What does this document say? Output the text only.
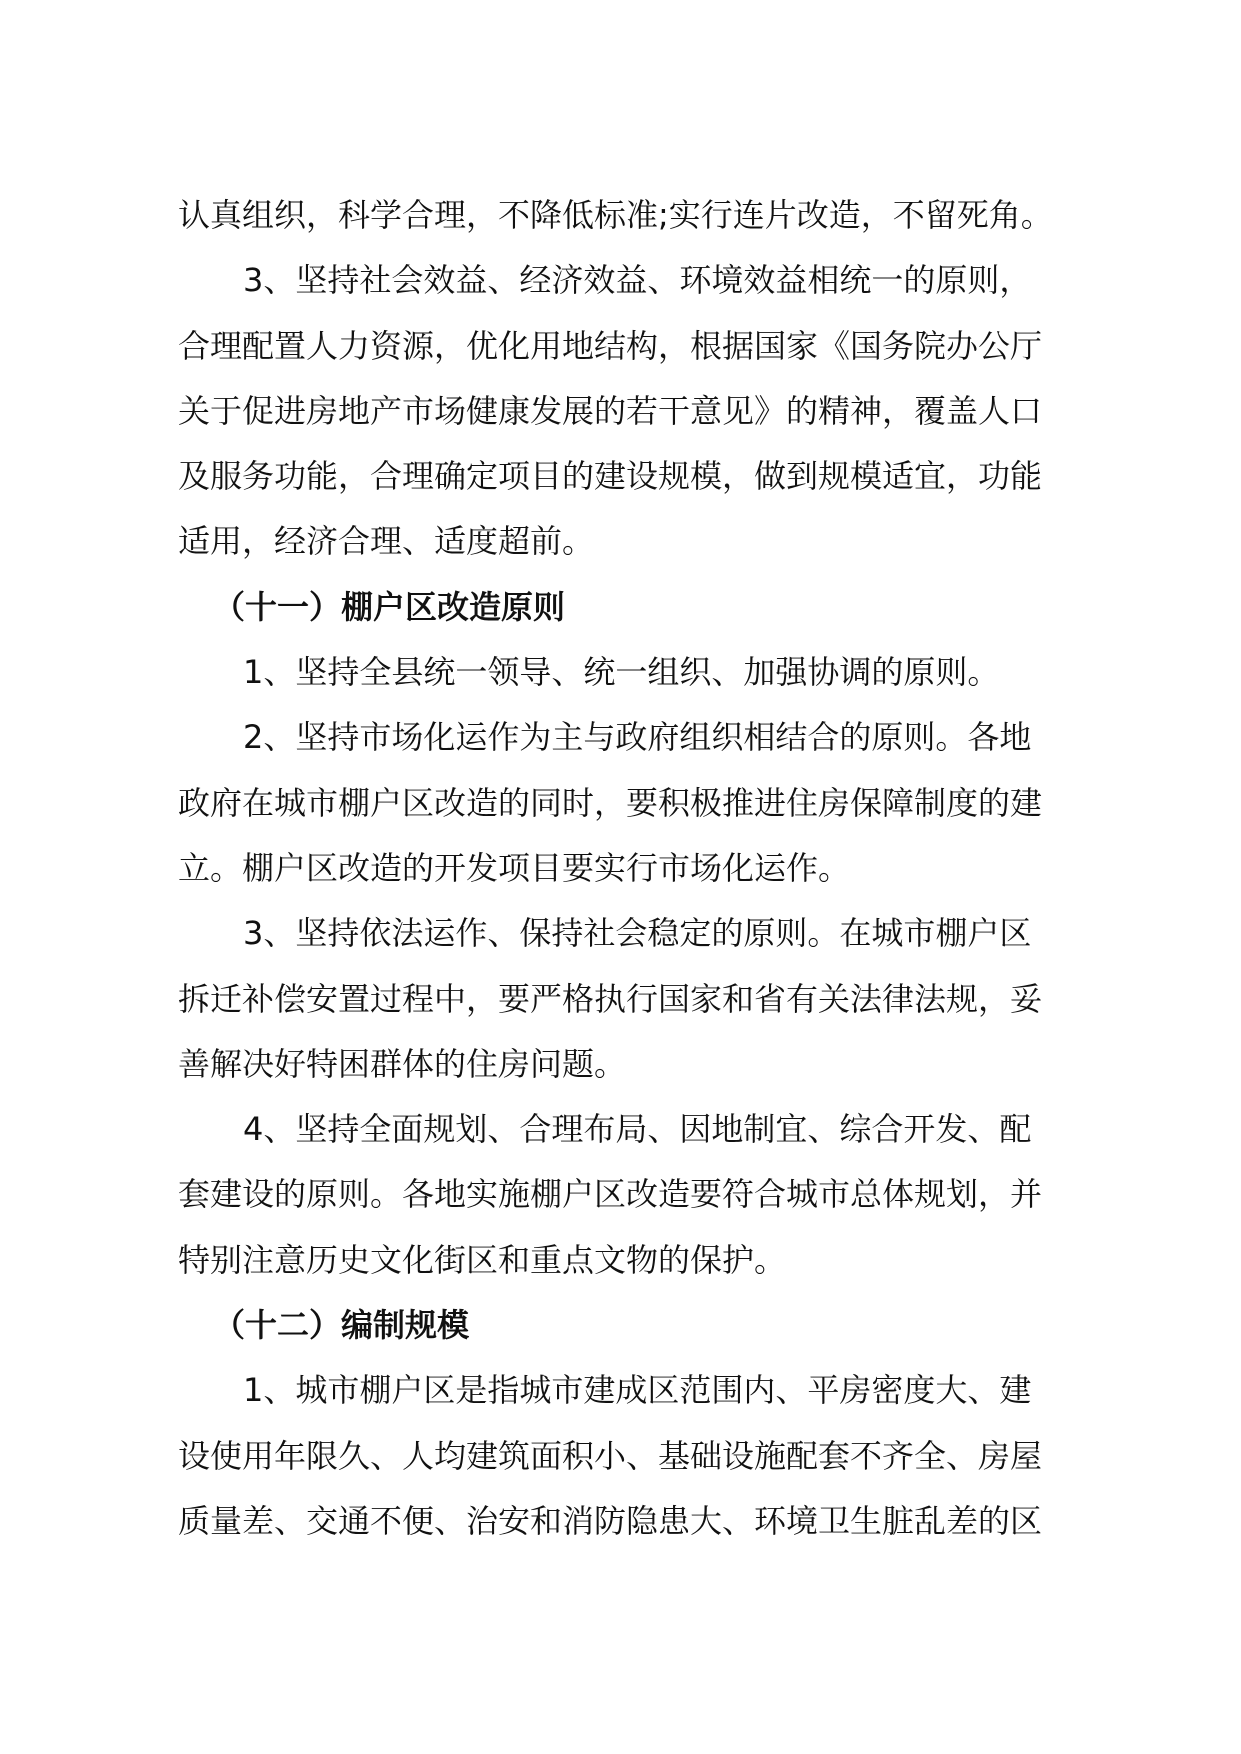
认真组织，科学合理，不降低标准;实行连片改造，不留死角。
3、坚持社会效益、经济效益、环境效益相统一的原则，
合理配置人力资源，优化用地结构，根据国家《国务院办公厅
关于促进房地产市场健康发展的若干意见》的精神，覆盖人口
及服务功能，合理确定项目的建设规模，做到规模适宜，功能
适用，经济合理、适度超前。
（十一）棚户区改造原则
1、坚持全县统一领导、统一组织、加强协调的原则。
2、坚持市场化运作为主与政府组织相结合的原则。各地
政府在城市棚户区改造的同时，要积极推进住房保障制度的建
立。棚户区改造的开发项目要实行市场化运作。
3、坚持依法运作、保持社会稳定的原则。在城市棚户区
拆迁补偿安置过程中，要严格执行国家和省有关法律法规，妥
善解决好特困群体的住房问题。
4、坚持全面规划、合理布局、因地制宜、综合开发、配
套建设的原则。各地实施棚户区改造要符合城市总体规划，并
特别注意历史文化街区和重点文物的保护。
（十二）编制规模
1、城市棚户区是指城市建成区范围内、平房密度大、建
设使用年限久、人均建筑面积小、基础设施配套不齐全、房屋
质量差、交通不便、治安和消防隐患大、环境卫生脏乱差的区
